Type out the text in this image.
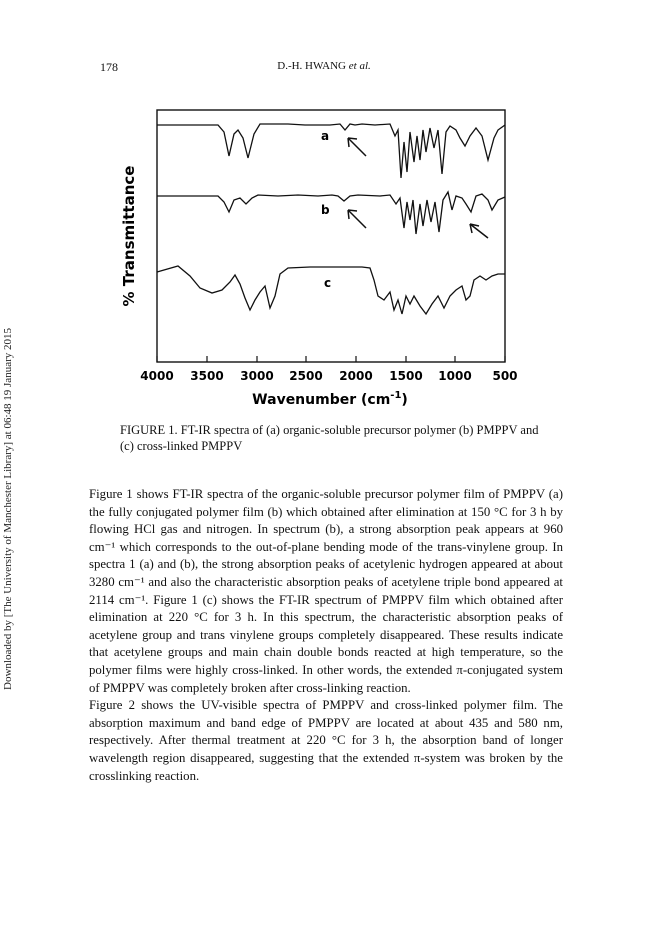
178	D.-H. HWANG et al.
Downloaded by [The University of Manchester Library] at 06:48 19 January 2015
% Transmittance
a
b
c
4000 3500 3000 2500 2000 1500 1000 500
Wavenumber $(cm^{-1})$
FIGURE 1. FT-IR spectra of (a) organic-soluble precursor polymer (b) PMPPV and (c) cross-linked PMPPV

Figure 1 shows FT-IR spectra of the organic-soluble precursor polymer film of PMPPV (a) the fully conjugated polymer film (b) which obtained after elimination at 150 °C for 3 h by flowing HCl gas and nitrogen. In spectrum (b), a strong absorption peak appears at 960 cm⁻¹ which corresponds to the out-of-plane bending mode of the trans-vinylene group. In spectra 1 (a) and (b), the strong absorption peaks of acetylenic hydrogen appeared at about 3280 cm⁻¹ and also the characteristic absorption peaks of acetylene triple bond appeared at 2114 cm⁻¹. Figure 1 (c) shows the FT-IR spectrum of PMPPV film which obtained after elimination at 220 °C for 3 h. In this spectrum, the characteristic absorption peaks of acetylene group and trans vinylene groups completely disappeared. These results indicate that acetylene groups and main chain double bonds reacted at high temperature, so the polymer films were highly cross-linked. In other words, the extended π-conjugated system of PMPPV was completely broken after cross-linking reaction.

Figure 2 shows the UV-visible spectra of PMPPV and cross-linked polymer film. The absorption maximum and band edge of PMPPV are located at about 435 and 580 nm, respectively. After thermal treatment at 220 °C for 3 h, the absorption band of longer wavelength region disappeared, suggesting that the extended π-system was broken by the crosslinking reaction.
